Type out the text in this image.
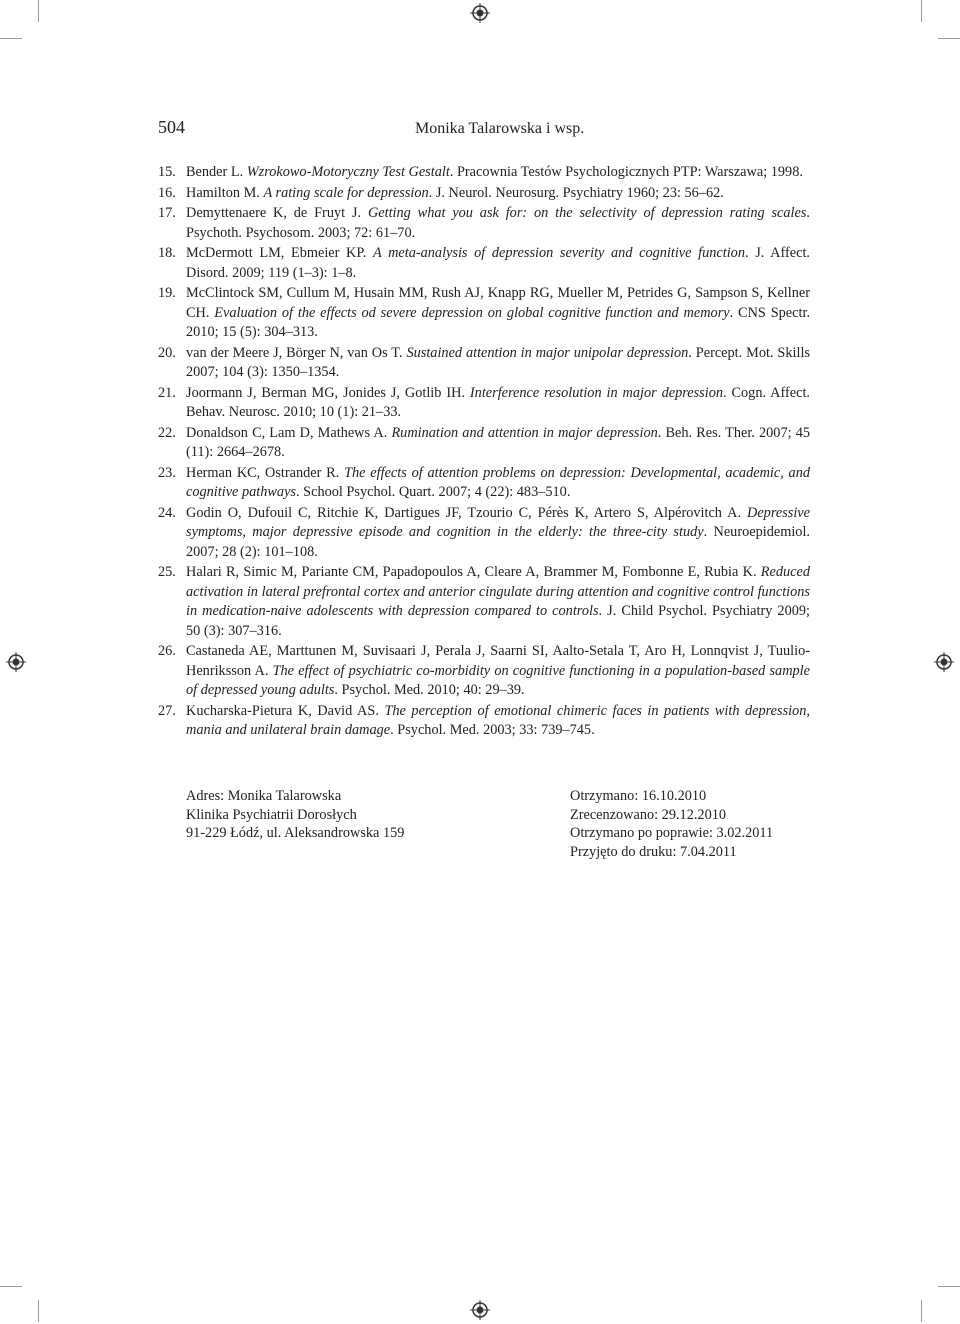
504	Monika Talarowska i wsp.
15. Bender L. Wzrokowo-Motoryczny Test Gestalt. Pracownia Testów Psychologicznych PTP: Warszawa; 1998.
16. Hamilton M. A rating scale for depression. J. Neurol. Neurosurg. Psychiatry 1960; 23: 56–62.
17. Demyttenaere K, de Fruyt J. Getting what you ask for: on the selectivity of depression rating scales. Psychoth. Psychosom. 2003; 72: 61–70.
18. McDermott LM, Ebmeier KP. A meta-analysis of depression severity and cognitive function. J. Affect. Disord. 2009; 119 (1–3): 1–8.
19. McClintock SM, Cullum M, Husain MM, Rush AJ, Knapp RG, Mueller M, Petrides G, Sampson S, Kellner CH. Evaluation of the effects od severe depression on global cognitive function and memory. CNS Spectr. 2010; 15 (5): 304–313.
20. van der Meere J, Börger N, van Os T. Sustained attention in major unipolar depression. Percept. Mot. Skills 2007; 104 (3): 1350–1354.
21. Joormann J, Berman MG, Jonides J, Gotlib IH. Interference resolution in major depression. Cogn. Affect. Behav. Neurosc. 2010; 10 (1): 21–33.
22. Donaldson C, Lam D, Mathews A. Rumination and attention in major depression. Beh. Res. Ther. 2007; 45 (11): 2664–2678.
23. Herman KC, Ostrander R. The effects of attention problems on depression: Developmental, academic, and cognitive pathways. School Psychol. Quart. 2007; 4 (22): 483–510.
24. Godin O, Dufouil C, Ritchie K, Dartigues JF, Tzourio C, Pérès K, Artero S, Alpérovitch A. Depressive symptoms, major depressive episode and cognition in the elderly: the three-city study. Neuroepidemiol. 2007; 28 (2): 101–108.
25. Halari R, Simic M, Pariante CM, Papadopoulos A, Cleare A, Brammer M, Fombonne E, Rubia K. Reduced activation in lateral prefrontal cortex and anterior cingulate during attention and cognitive control functions in medication-naive adolescents with depression compared to controls. J. Child Psychol. Psychiatry 2009; 50 (3): 307–316.
26. Castaneda AE, Marttunen M, Suvisaari J, Perala J, Saarni SI, Aalto-Setala T, Aro H, Lonnqvist J, Tuulio-Henriksson A. The effect of psychiatric co-morbidity on cognitive functioning in a population-based sample of depressed young adults. Psychol. Med. 2010; 40: 29–39.
27. Kucharska-Pietura K, David AS. The perception of emotional chimeric faces in patients with depression, mania and unilateral brain damage. Psychol. Med. 2003; 33: 739–745.
Adres: Monika Talarowska
Klinika Psychiatrii Dorosłych
91-229 Łódź, ul. Aleksandrowska 159
Otrzymano: 16.10.2010
Zrecenzowano: 29.12.2010
Otrzymano po poprawie: 3.02.2011
Przyjęto do druku: 7.04.2011
